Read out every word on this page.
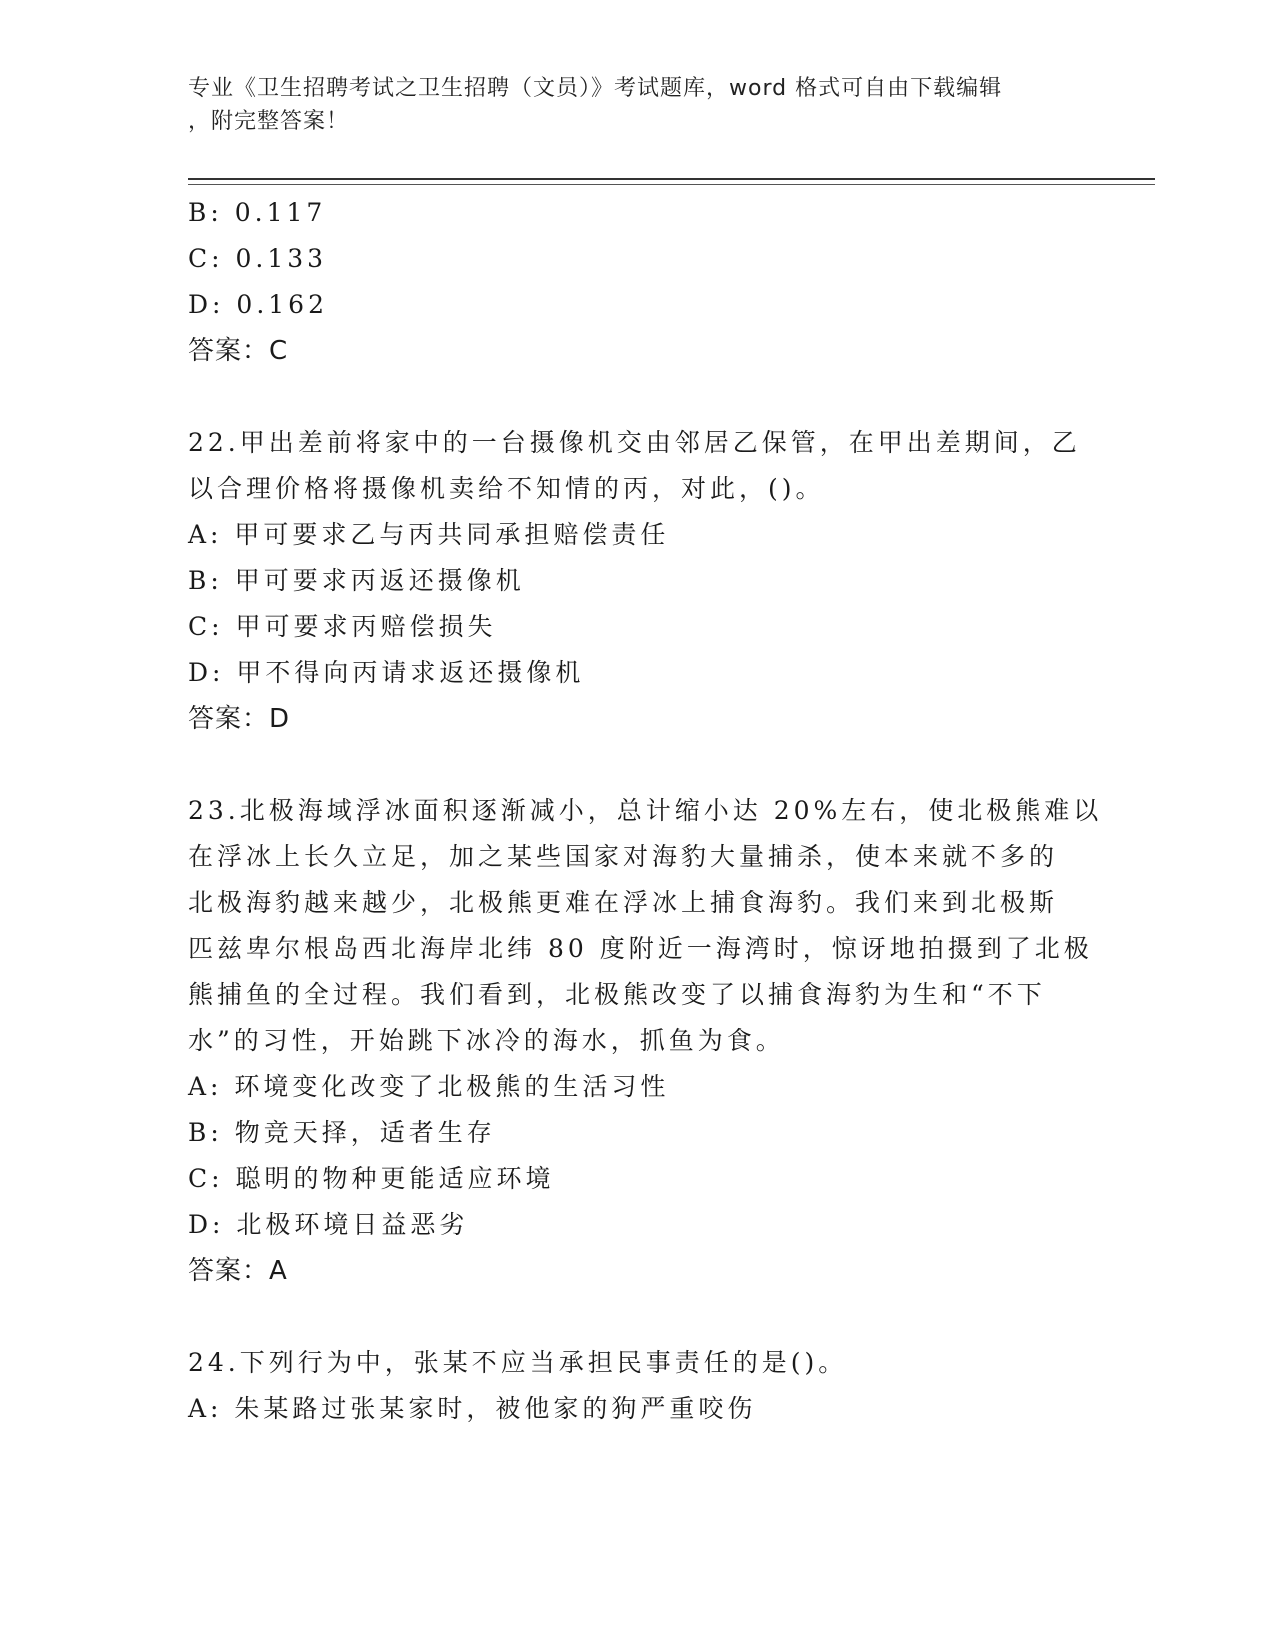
专业《卫生招聘考试之卫生招聘（文员）》考试题库，word 格式可自由下载编辑
，附完整答案！
B: 0.117
C: 0.133
D: 0.162
答案：C
22.甲出差前将家中的一台摄像机交由邻居乙保管，在甲出差期间，乙
以合理价格将摄像机卖给不知情的丙，对此，()。
A: 甲可要求乙与丙共同承担赔偿责任
B: 甲可要求丙返还摄像机
C: 甲可要求丙赔偿损失
D: 甲不得向丙请求返还摄像机
答案：D
23.北极海域浮冰面积逐渐减小，总计缩小达 20%左右，使北极熊难以
在浮冰上长久立足，加之某些国家对海豹大量捕杀，使本来就不多的
北极海豹越来越少，北极熊更难在浮冰上捕食海豹。我们来到北极斯
匹兹卑尔根岛西北海岸北纬 80 度附近一海湾时，惊讶地拍摄到了北极
熊捕鱼的全过程。我们看到，北极熊改变了以捕食海豹为生和“不下
水”的习性，开始跳下冰冷的海水，抓鱼为食。
A: 环境变化改变了北极熊的生活习性
B: 物竞天择，适者生存
C: 聪明的物种更能适应环境
D: 北极环境日益恶劣
答案：A
24.下列行为中，张某不应当承担民事责任的是()。
A: 朱某路过张某家时，被他家的狗严重咬伤
